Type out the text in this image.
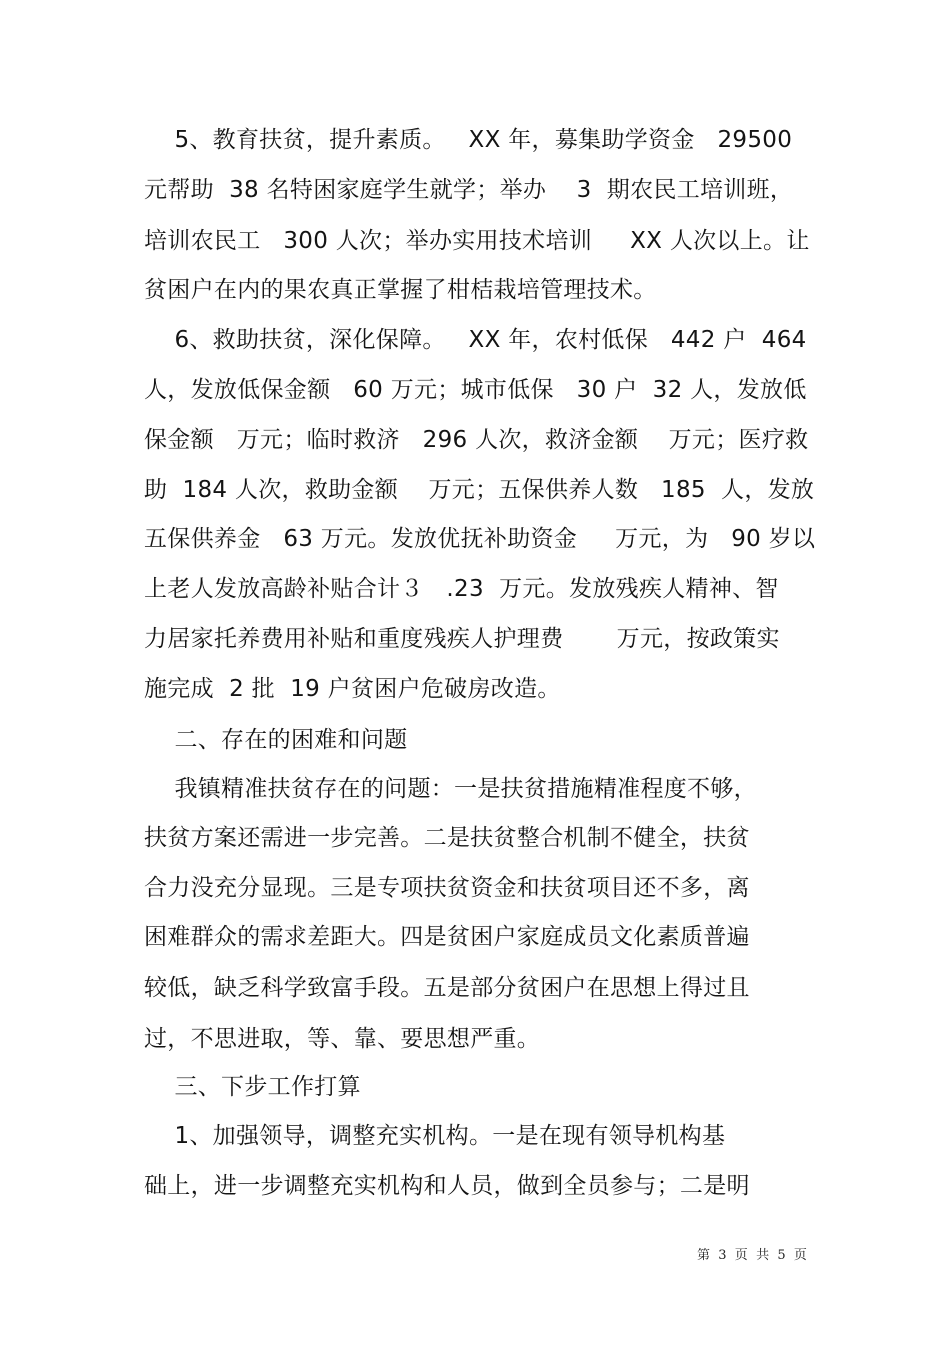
5、教育扶贫，提升素质。   XX 年，募集助学资金   29500
元帮助  38 名特困家庭学生就学；举办    3  期农民工培训班，
培训农民工   300 人次；举办实用技术培训     XX 人次以上。让
贫困户在内的果农真正掌握了柑桔栽培管理技术。
6、救助扶贫，深化保障。   XX 年，农村低保   442 户  464
人，发放低保金额   60 万元；城市低保   30 户  32 人，发放低
保金额   万元；临时救济   296 人次，救济金额    万元；医疗救
助  184 人次，救助金额    万元；五保供养人数   185  人，发放
五保供养金   63 万元。发放优抚补助资金     万元，为   90 岁以
上老人发放高龄补贴合计３   .23  万元。发放残疾人精神、智
力居家托养费用补贴和重度残疾人护理费       万元，按政策实
施完成  2 批  19 户贫困户危破房改造。
二、存在的困难和问题
我镇精准扶贫存在的问题：一是扶贫措施精准程度不够，
扶贫方案还需进一步完善。二是扶贫整合机制不健全，扶贫
合力没充分显现。三是专项扶贫资金和扶贫项目还不多，离
困难群众的需求差距大。四是贫困户家庭成员文化素质普遍
较低，缺乏科学致富手段。五是部分贫困户在思想上得过且
过，不思进取，等、靠、要思想严重。
三、下步工作打算
1、加强领导，调整充实机构。一是在现有领导机构基
础上，进一步调整充实机构和人员，做到全员参与；二是明
第  3  页  共  5  页
